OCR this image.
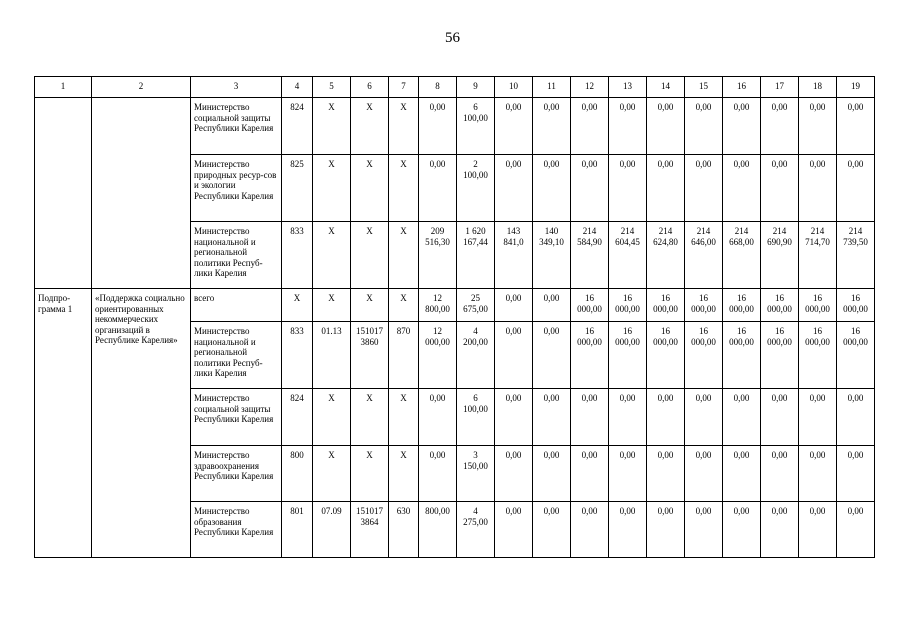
56
1	2	3	4	5	6	7	8	9	10	11	12	13	14	15	16	17	18	19
		Министерство социальной защиты Республики Карелия	824	X	X	X	0,00	6 100,00	0,00	0,00	0,00	0,00	0,00	0,00	0,00	0,00	0,00	0,00
		Министерство природных ресур-сов и экологии Республики Карелия	825	X	X	X	0,00	2 100,00	0,00	0,00	0,00	0,00	0,00	0,00	0,00	0,00	0,00	0,00
		Министерство национальной и региональной политики Респуб-лики Карелия	833	X	X	X	209 516,30	1 620 167,44	143 841,0	140 349,10	214 584,90	214 604,45	214 624,80	214 646,00	214 668,00	214 690,90	214 714,70	214 739,50
Подпро-грамма 1	«Поддержка социально ориентированных некоммерческих организаций в Республике Карелия»	всего	X	X	X	X	12 800,00	25 675,00	0,00	0,00	16 000,00	16 000,00	16 000,00	16 000,00	16 000,00	16 000,00	16 000,00	16 000,00
		Министерство национальной и региональной политики Респуб-лики Карелия	833	01.13	151017 3860	870	12 000,00	4 200,00	0,00	0,00	16 000,00	16 000,00	16 000,00	16 000,00	16 000,00	16 000,00	16 000,00	16 000,00
		Министерство социальной защиты Республики Карелия	824	X	X	X	0,00	6 100,00	0,00	0,00	0,00	0,00	0,00	0,00	0,00	0,00	0,00	0,00
		Министерство здравоохранения Республики Карелия	800	X	X	X	0,00	3 150,00	0,00	0,00	0,00	0,00	0,00	0,00	0,00	0,00	0,00	0,00
		Министерство образования Республики Карелия	801	07.09	151017 3864	630	800,00	4 275,00	0,00	0,00	0,00	0,00	0,00	0,00	0,00	0,00	0,00	0,00
